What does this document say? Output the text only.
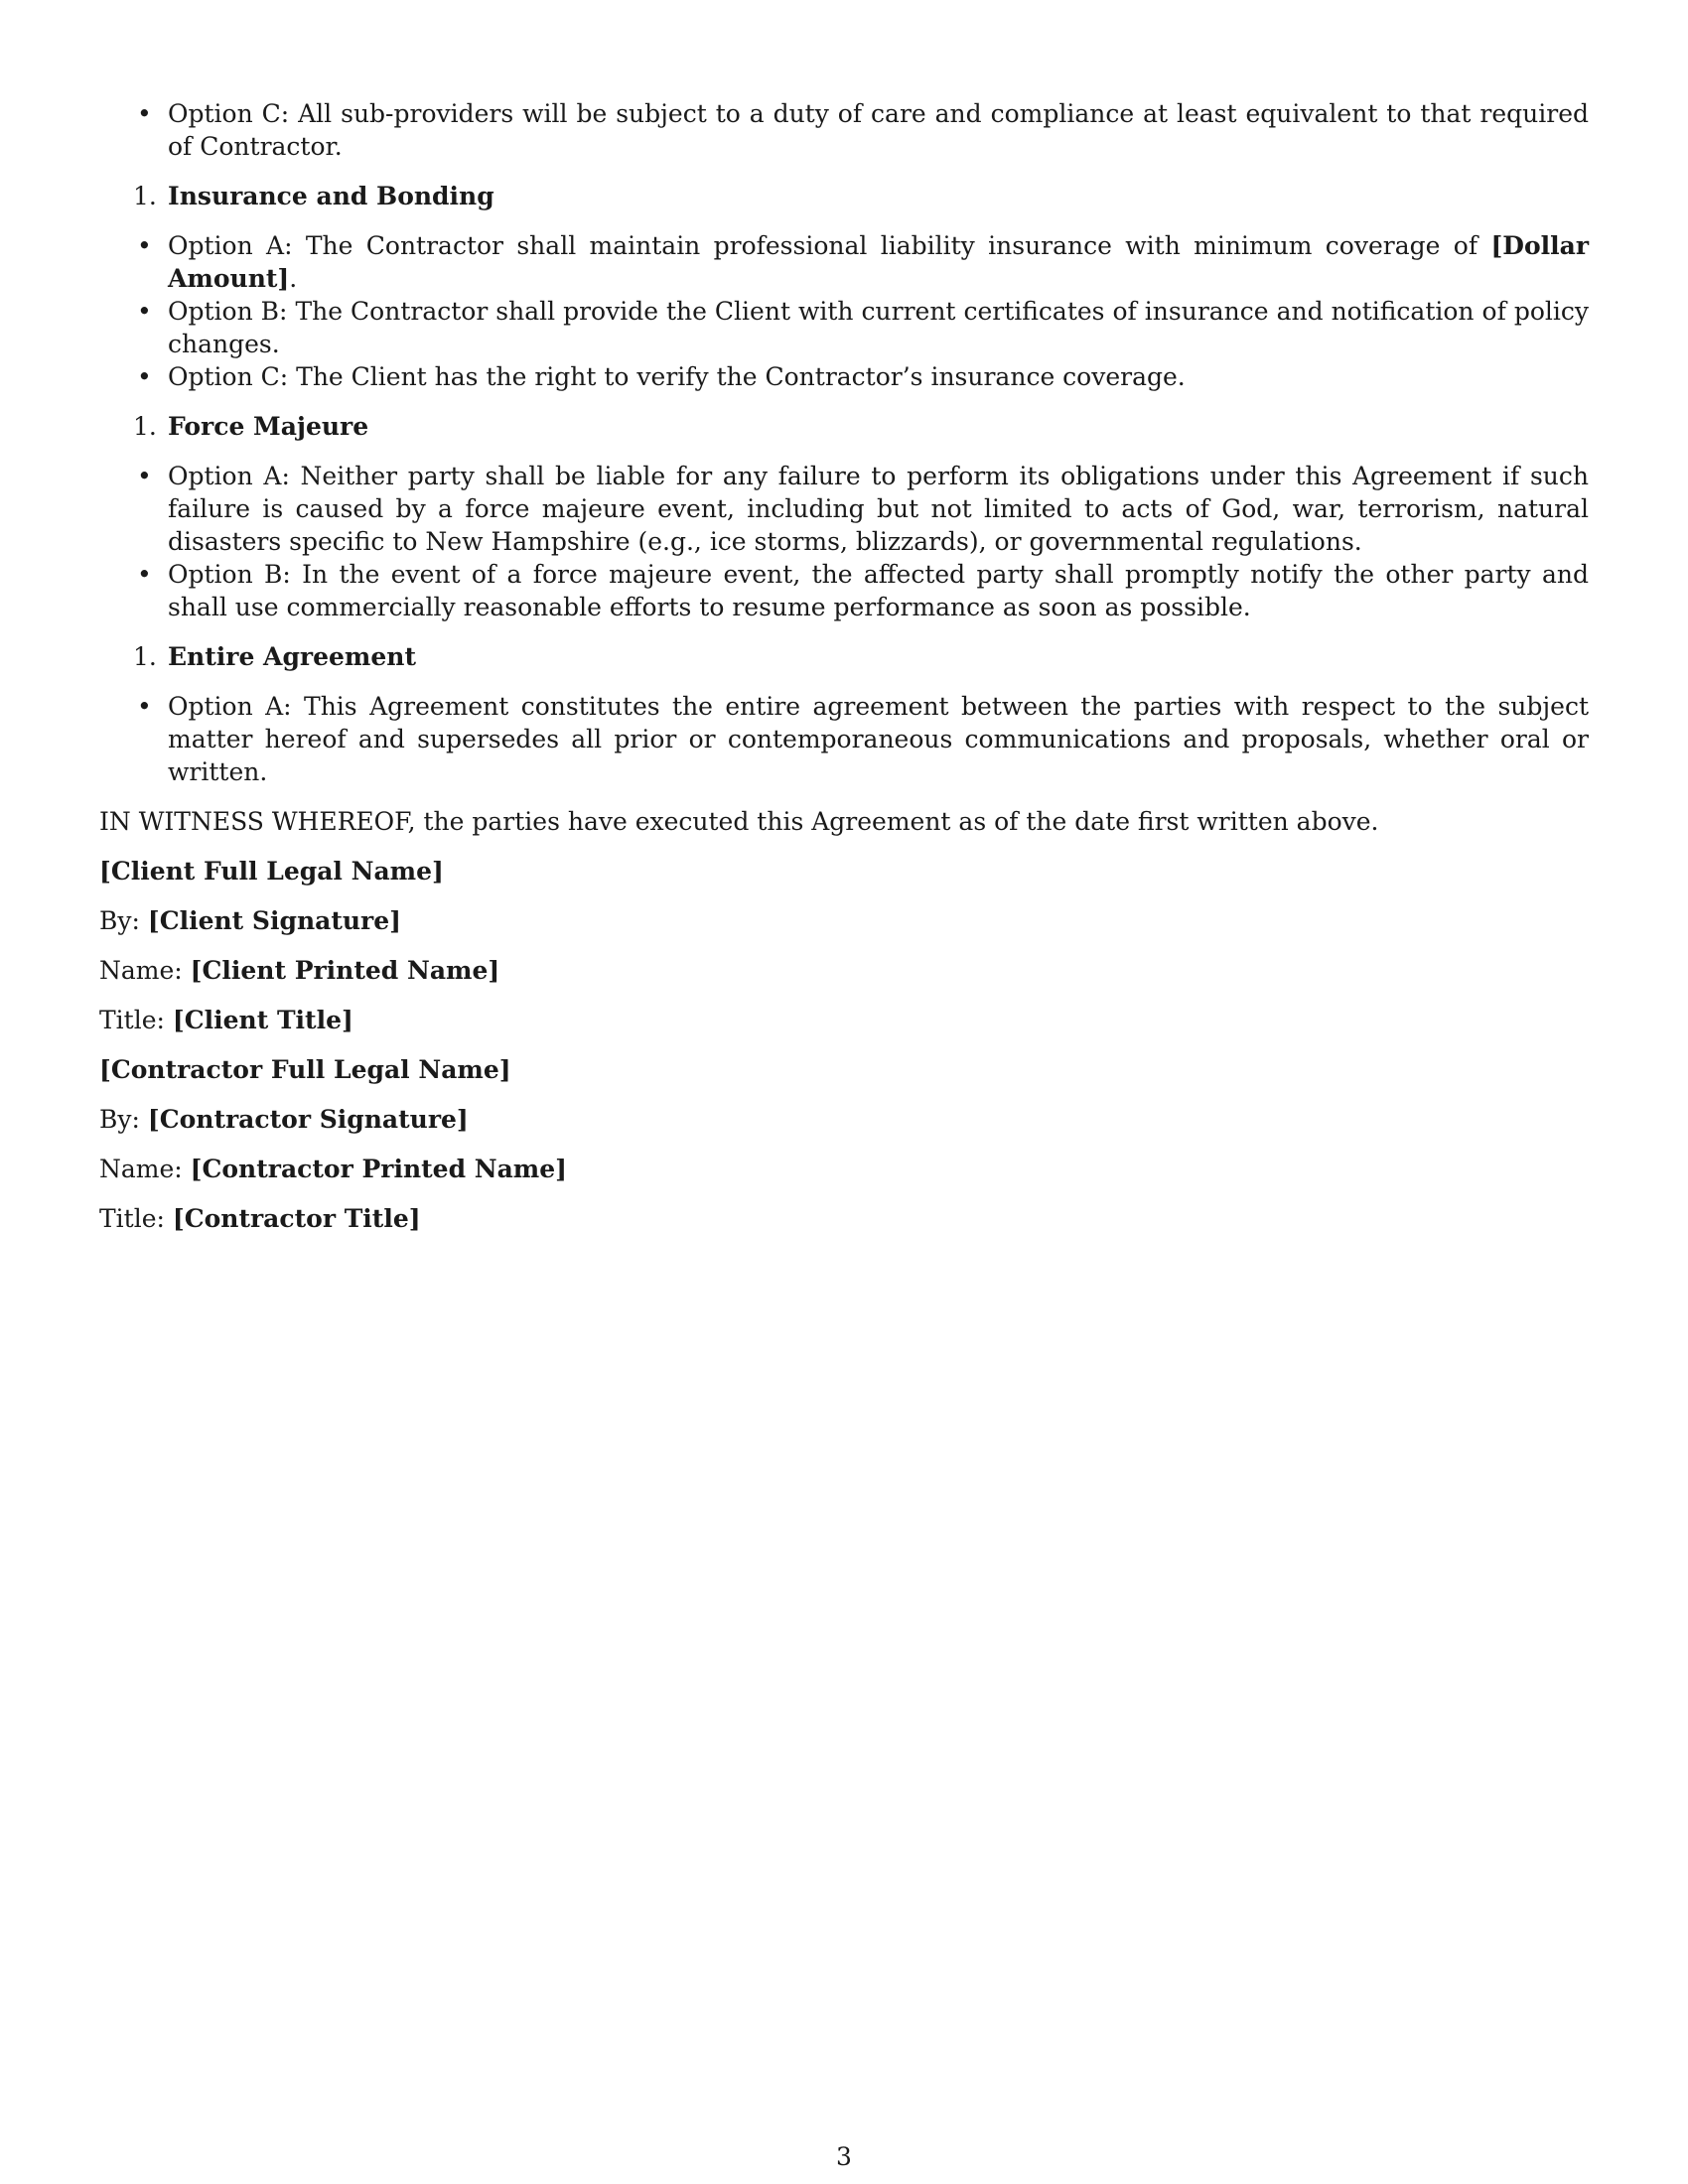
• Option C: All sub-providers will be subject to a duty of care and compliance at least equivalent to that required of Contractor.
1. Insurance and Bonding
• Option A: The Contractor shall maintain professional liability insurance with minimum coverage of [Dollar Amount].
• Option B: The Contractor shall provide the Client with current certificates of insurance and notification of policy changes.
• Option C: The Client has the right to verify the Contractor’s insurance coverage.
1. Force Majeure
• Option A: Neither party shall be liable for any failure to perform its obligations under this Agreement if such failure is caused by a force majeure event, including but not limited to acts of God, war, terrorism, natural disasters specific to New Hampshire (e.g., ice storms, blizzards), or governmental regulations.
• Option B: In the event of a force majeure event, the affected party shall promptly notify the other party and shall use commercially reasonable efforts to resume performance as soon as possible.
1. Entire Agreement
• Option A: This Agreement constitutes the entire agreement between the parties with respect to the subject matter hereof and supersedes all prior or contemporaneous communications and proposals, whether oral or written.

IN WITNESS WHEREOF, the parties have executed this Agreement as of the date first written above.

[Client Full Legal Name]

By: [Client Signature]

Name: [Client Printed Name]

Title: [Client Title]

[Contractor Full Legal Name]

By: [Contractor Signature]

Name: [Contractor Printed Name]

Title: [Contractor Title]

3
